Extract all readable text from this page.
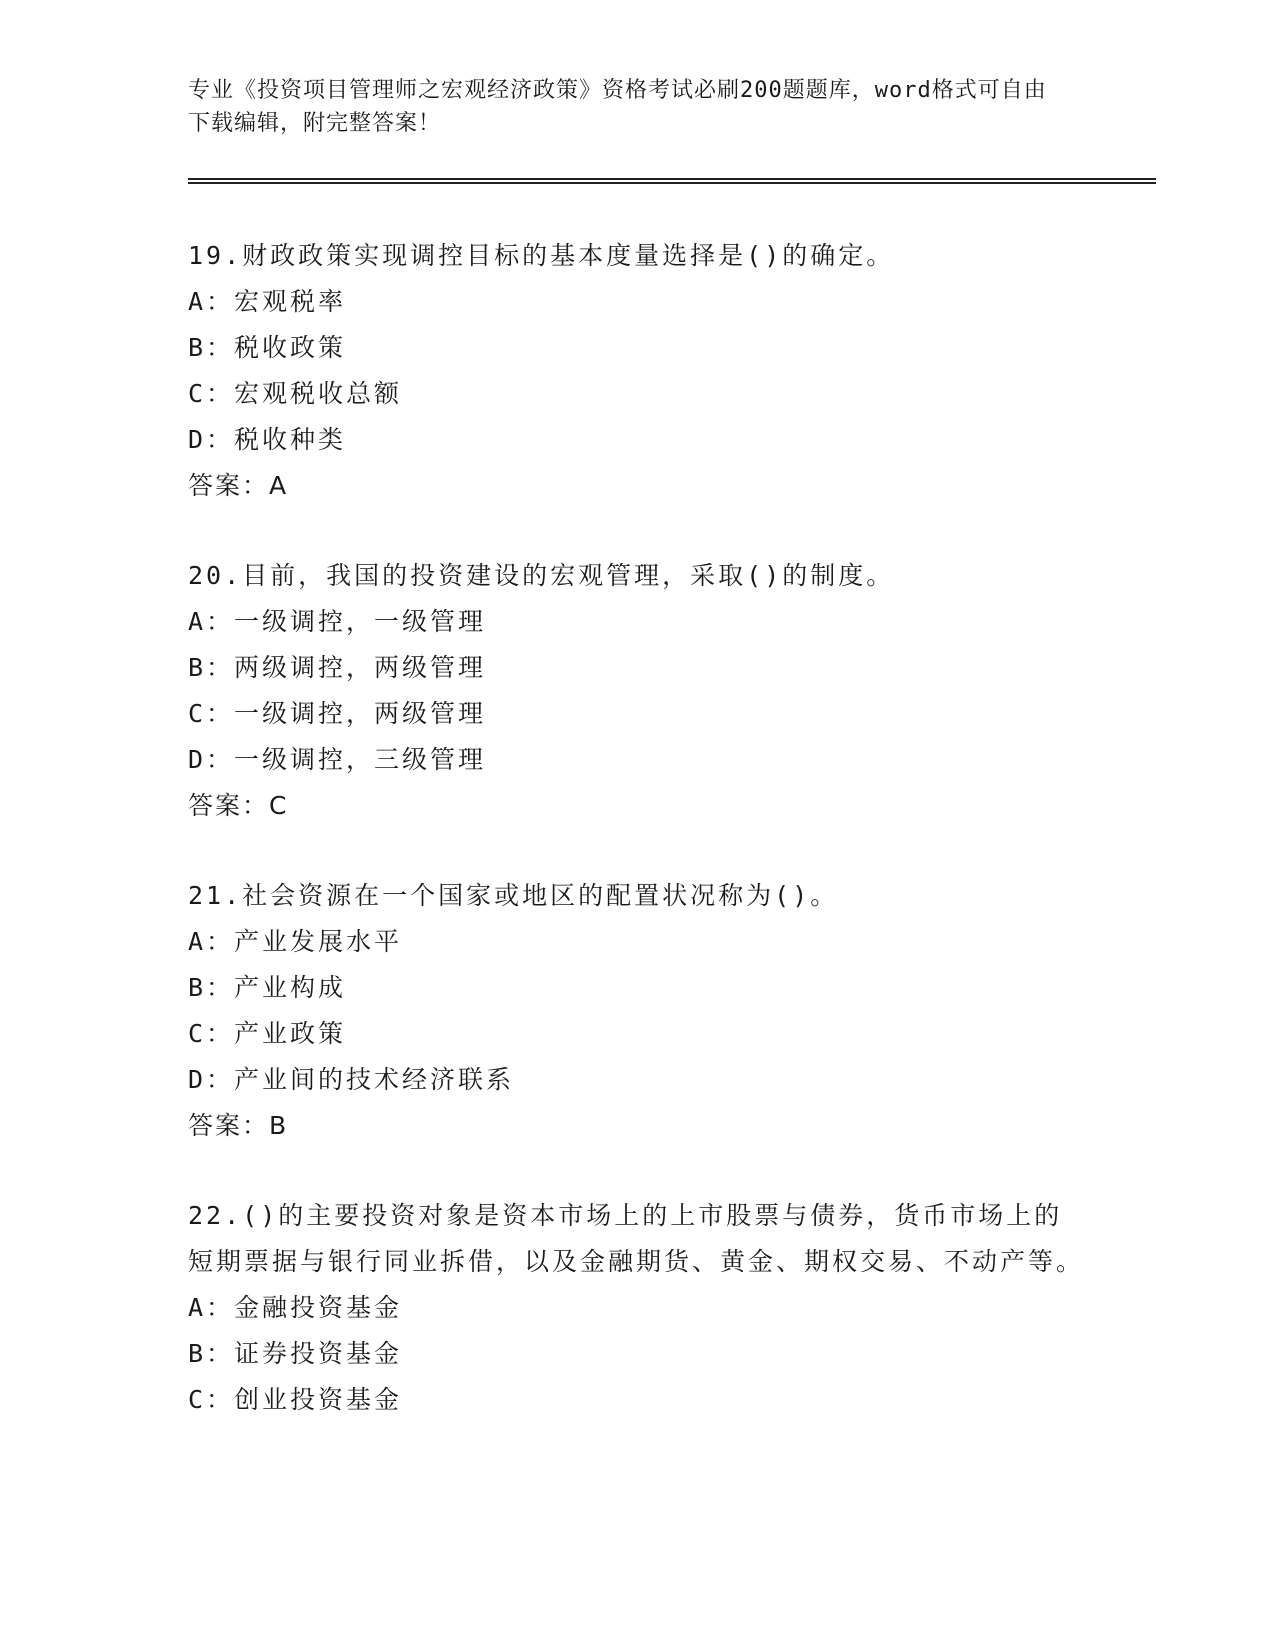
专业《投资项目管理师之宏观经济政策》资格考试必刷200题题库，word格式可自由下载编辑，附完整答案！
19.财政政策实现调控目标的基本度量选择是()的确定。
A：宏观税率
B：税收政策
C：宏观税收总额
D：税收种类
答案：A
20.目前，我国的投资建设的宏观管理，采取()的制度。
A：一级调控，一级管理
B：两级调控，两级管理
C：一级调控，两级管理
D：一级调控，三级管理
答案：C
21.社会资源在一个国家或地区的配置状况称为()。
A：产业发展水平
B：产业构成
C：产业政策
D：产业间的技术经济联系
答案：B
22.()的主要投资对象是资本市场上的上市股票与债券，货币市场上的短期票据与银行同业拆借，以及金融期货、黄金、期权交易、不动产等。
A：金融投资基金
B：证券投资基金
C：创业投资基金
